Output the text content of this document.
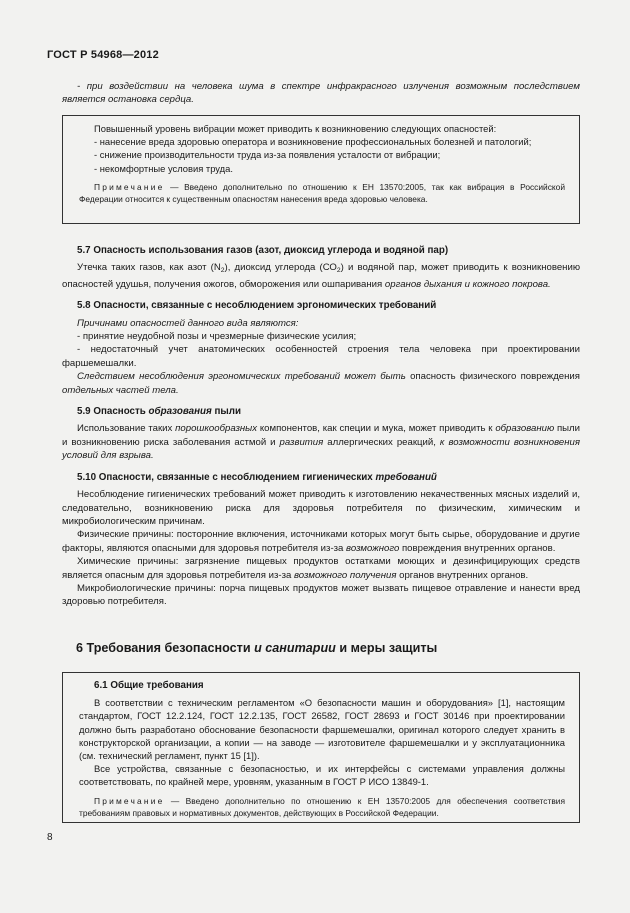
ГОСТ Р 54968—2012

- при воздействии на человека шума в спектре инфракрасного излучения возможным последствием является остановка сердца.

Повышенный уровень вибрации может приводить к возникновению следующих опасностей:

- нанесение вреда здоровью оператора и возникновение профессиональных болезней и патологий;

- снижение производительности труда из-за появления усталости от вибрации;

- некомфортные условия труда.

Примечание — Введено дополнительно по отношению к ЕН 13570:2005, так как вибрация в Российской Федерации относится к существенным опасностям нанесения вреда здоровью человека.

5.7 Опасность использования газов (азот, диоксид углерода и водяной пар)

Утечка таких газов, как азот $(N_2)$, диоксид углерода $(СО_2)$ и водяной пар, может приводить к возникновению опасностей удушья, получения ожогов, обморожения или ошпаривания органов дыхания и кожного покрова.

5.8 Опасности, связанные с несоблюдением эргономических требований

Причинами опасностей данного вида являются:

- принятие неудобной позы и чрезмерные физические усилия;

- недостаточный учет анатомических особенностей строения тела человека при проектировании фаршемешалки.

Следствием несоблюдения эргономических требований может быть опасность физического повреждения отдельных частей тела.

5.9 Опасность образования пыли

Использование таких порошкообразных компонентов, как специи и мука, может приводить к образованию пыли и возникновению риска заболевания астмой и развития аллергических реакций, к возможности возникновения условий для взрыва.

5.10 Опасности, связанные с несоблюдением гигиенических требований

Несоблюдение гигиенических требований может приводить к изготовлению некачественных мясных изделий и, следовательно, возникновению риска для здоровья потребителя по физическим, химическим и микробиологическим причинам.

Физические причины: посторонние включения, источниками которых могут быть сырье, оборудование и другие факторы, являются опасными для здоровья потребителя из-за возможного повреждения внутренних органов.

Химические причины: загрязнение пищевых продуктов остатками моющих и дезинфицирующих средств является опасным для здоровья потребителя из-за возможного получения органов внутренних органов.

Микробиологические причины: порча пищевых продуктов может вызвать пищевое отравление и нанести вред здоровью потребителя.

6 Требования безопасности и санитарии и меры защиты

6.1 Общие требования

В соответствии с техническим регламентом «О безопасности машин и оборудования» [1], настоящим стандартом, ГОСТ 12.2.124, ГОСТ 12.2.135, ГОСТ 26582, ГОСТ 28693 и ГОСТ 30146 при проектировании должно быть разработано обоснование безопасности фаршемешалки, оригинал которого следует хранить в конструкторской организации, а копии — на заводе — изготовителе фаршемешалки и у эксплуатационника (см. технический регламент, пункт 15 [1]).

Все устройства, связанные с безопасностью, и их интерфейсы с системами управления должны соответствовать, по крайней мере, уровням, указанным в ГОСТ Р ИСО 13849-1.

Примечание — Введено дополнительно по отношению к ЕН 13570:2005 для обеспечения соответствия требованиям правовых и нормативных документов, действующих в Российской Федерации.

8
